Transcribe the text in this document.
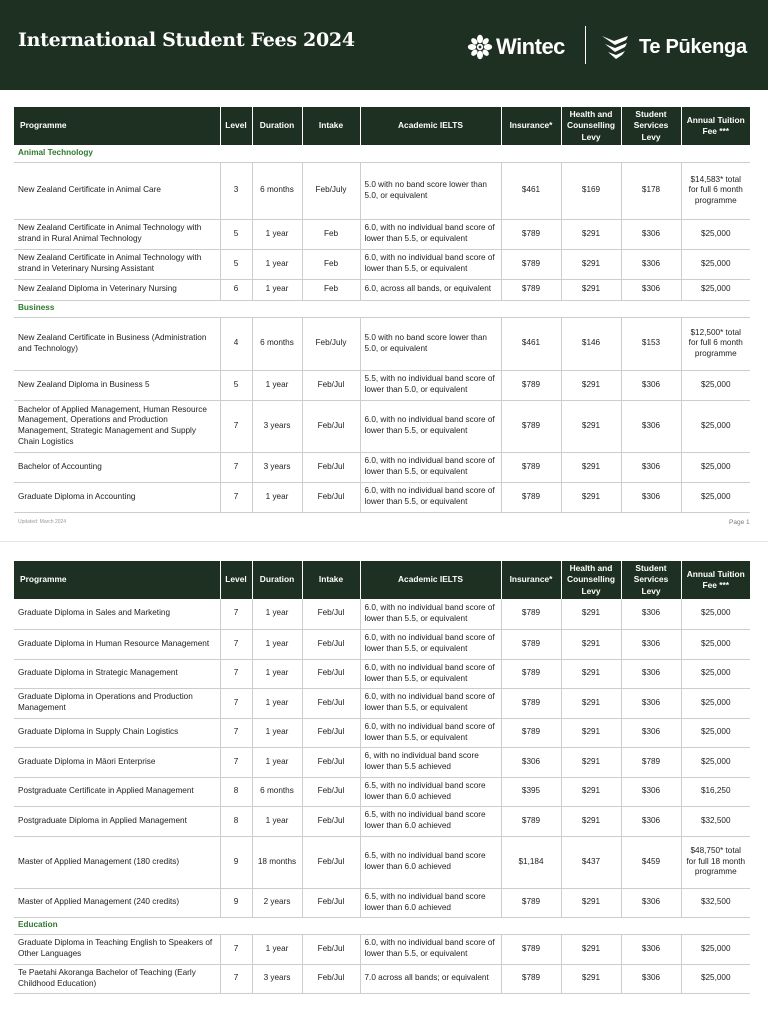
International Student Fees 2024	Wintec	Te Pūkenga
Programme	Level	Duration	Intake	Academic IELTS	Insurance*	Health and Counselling Levy	Student Services Levy	Annual Tuition Fee ***
Animal Technology								
New Zealand Certificate in Animal Care	3	6 months	Feb/July	5.0 with no band score lower than 5.0, or equivalent	$461	$169	$178	$14,583* total for full 6 month programme
New Zealand Certificate in Animal Technology with strand in Rural Animal Technology	5	1 year	Feb	6.0, with no individual band score of lower than 5.5, or equivalent	$789	$291	$306	$25,000
New Zealand Certificate in Animal Technology with strand in Veterinary Nursing Assistant	5	1 year	Feb	6.0, with no individual band score of lower than 5.5, or equivalent	$789	$291	$306	$25,000
New Zealand Diploma in Veterinary Nursing	6	1 year	Feb	6.0, across all bands, or equivalent	$789	$291	$306	$25,000
Business								
New Zealand Certificate in Business (Administration and Technology)	4	6 months	Feb/July	5.0 with no band score lower than 5.0, or equivalent	$461	$146	$153	$12,500* total for full 6 month programme
New Zealand Diploma in Business 5	5	1 year	Feb/Jul	5.5, with no individual band score of lower than 5.0, or equivalent	$789	$291	$306	$25,000
Bachelor of Applied Management, Human Resource Management, Operations and Production Management, Strategic Management and Supply Chain Logistics	7	3 years	Feb/Jul	6.0, with no individual band score of lower than 5.5, or equivalent	$789	$291	$306	$25,000
Bachelor of Accounting	7	3 years	Feb/Jul	6.0, with no individual band score of lower than 5.5, or equivalent	$789	$291	$306	$25,000
Graduate Diploma in Accounting	7	1 year	Feb/Jul	6.0, with no individual band score of lower than 5.5, or equivalent	$789	$291	$306	$25,000
Updated: March 2024	Page 1
Programme	Level	Duration	Intake	Academic IELTS	Insurance*	Health and Counselling Levy	Student Services Levy	Annual Tuition Fee ***
Graduate Diploma in Sales and Marketing	7	1 year	Feb/Jul	6.0, with no individual band score of lower than 5.5, or equivalent	$789	$291	$306	$25,000
Graduate Diploma in Human Resource Management	7	1 year	Feb/Jul	6.0, with no individual band score of lower than 5.5, or equivalent	$789	$291	$306	$25,000
Graduate Diploma in Strategic Management	7	1 year	Feb/Jul	6.0, with no individual band score of lower than 5.5, or equivalent	$789	$291	$306	$25,000
Graduate Diploma in Operations and Production Management	7	1 year	Feb/Jul	6.0, with no individual band score of lower than 5.5, or equivalent	$789	$291	$306	$25,000
Graduate Diploma in Supply Chain Logistics	7	1 year	Feb/Jul	6.0, with no individual band score of lower than 5.5, or equivalent	$789	$291	$306	$25,000
Graduate Diploma in Māori Enterprise	7	1 year	Feb/Jul	6, with no individual band score lower than 5.5 achieved	$306	$291	$789	$25,000
Postgraduate Certificate in Applied Management	8	6 months	Feb/Jul	6.5, with no individual band score lower than 6.0 achieved	$395	$291	$306	$16,250
Postgraduate Diploma in Applied Management	8	1 year	Feb/Jul	6.5, with no individual band score lower than 6.0 achieved	$789	$291	$306	$32,500
Master of Applied Management (180 credits)	9	18 months	Feb/Jul	6.5, with no individual band score lower than 6.0 achieved	$1,184	$437	$459	$48,750* total for full 18 month programme
Master of Applied Management (240 credits)	9	2 years	Feb/Jul	6.5, with no individual band score lower than 6.0 achieved	$789	$291	$306	$32,500
Education								
Graduate Diploma in Teaching English to Speakers of Other Languages	7	1 year	Feb/Jul	6.0, with no individual band score of lower than 5.5, or equivalent	$789	$291	$306	$25,000
Te Paetahi Akoranga Bachelor of Teaching (Early Childhood Education)	7	3 years	Feb/Jul	7.0 across all bands; or equivalent	$789	$291	$306	$25,000
